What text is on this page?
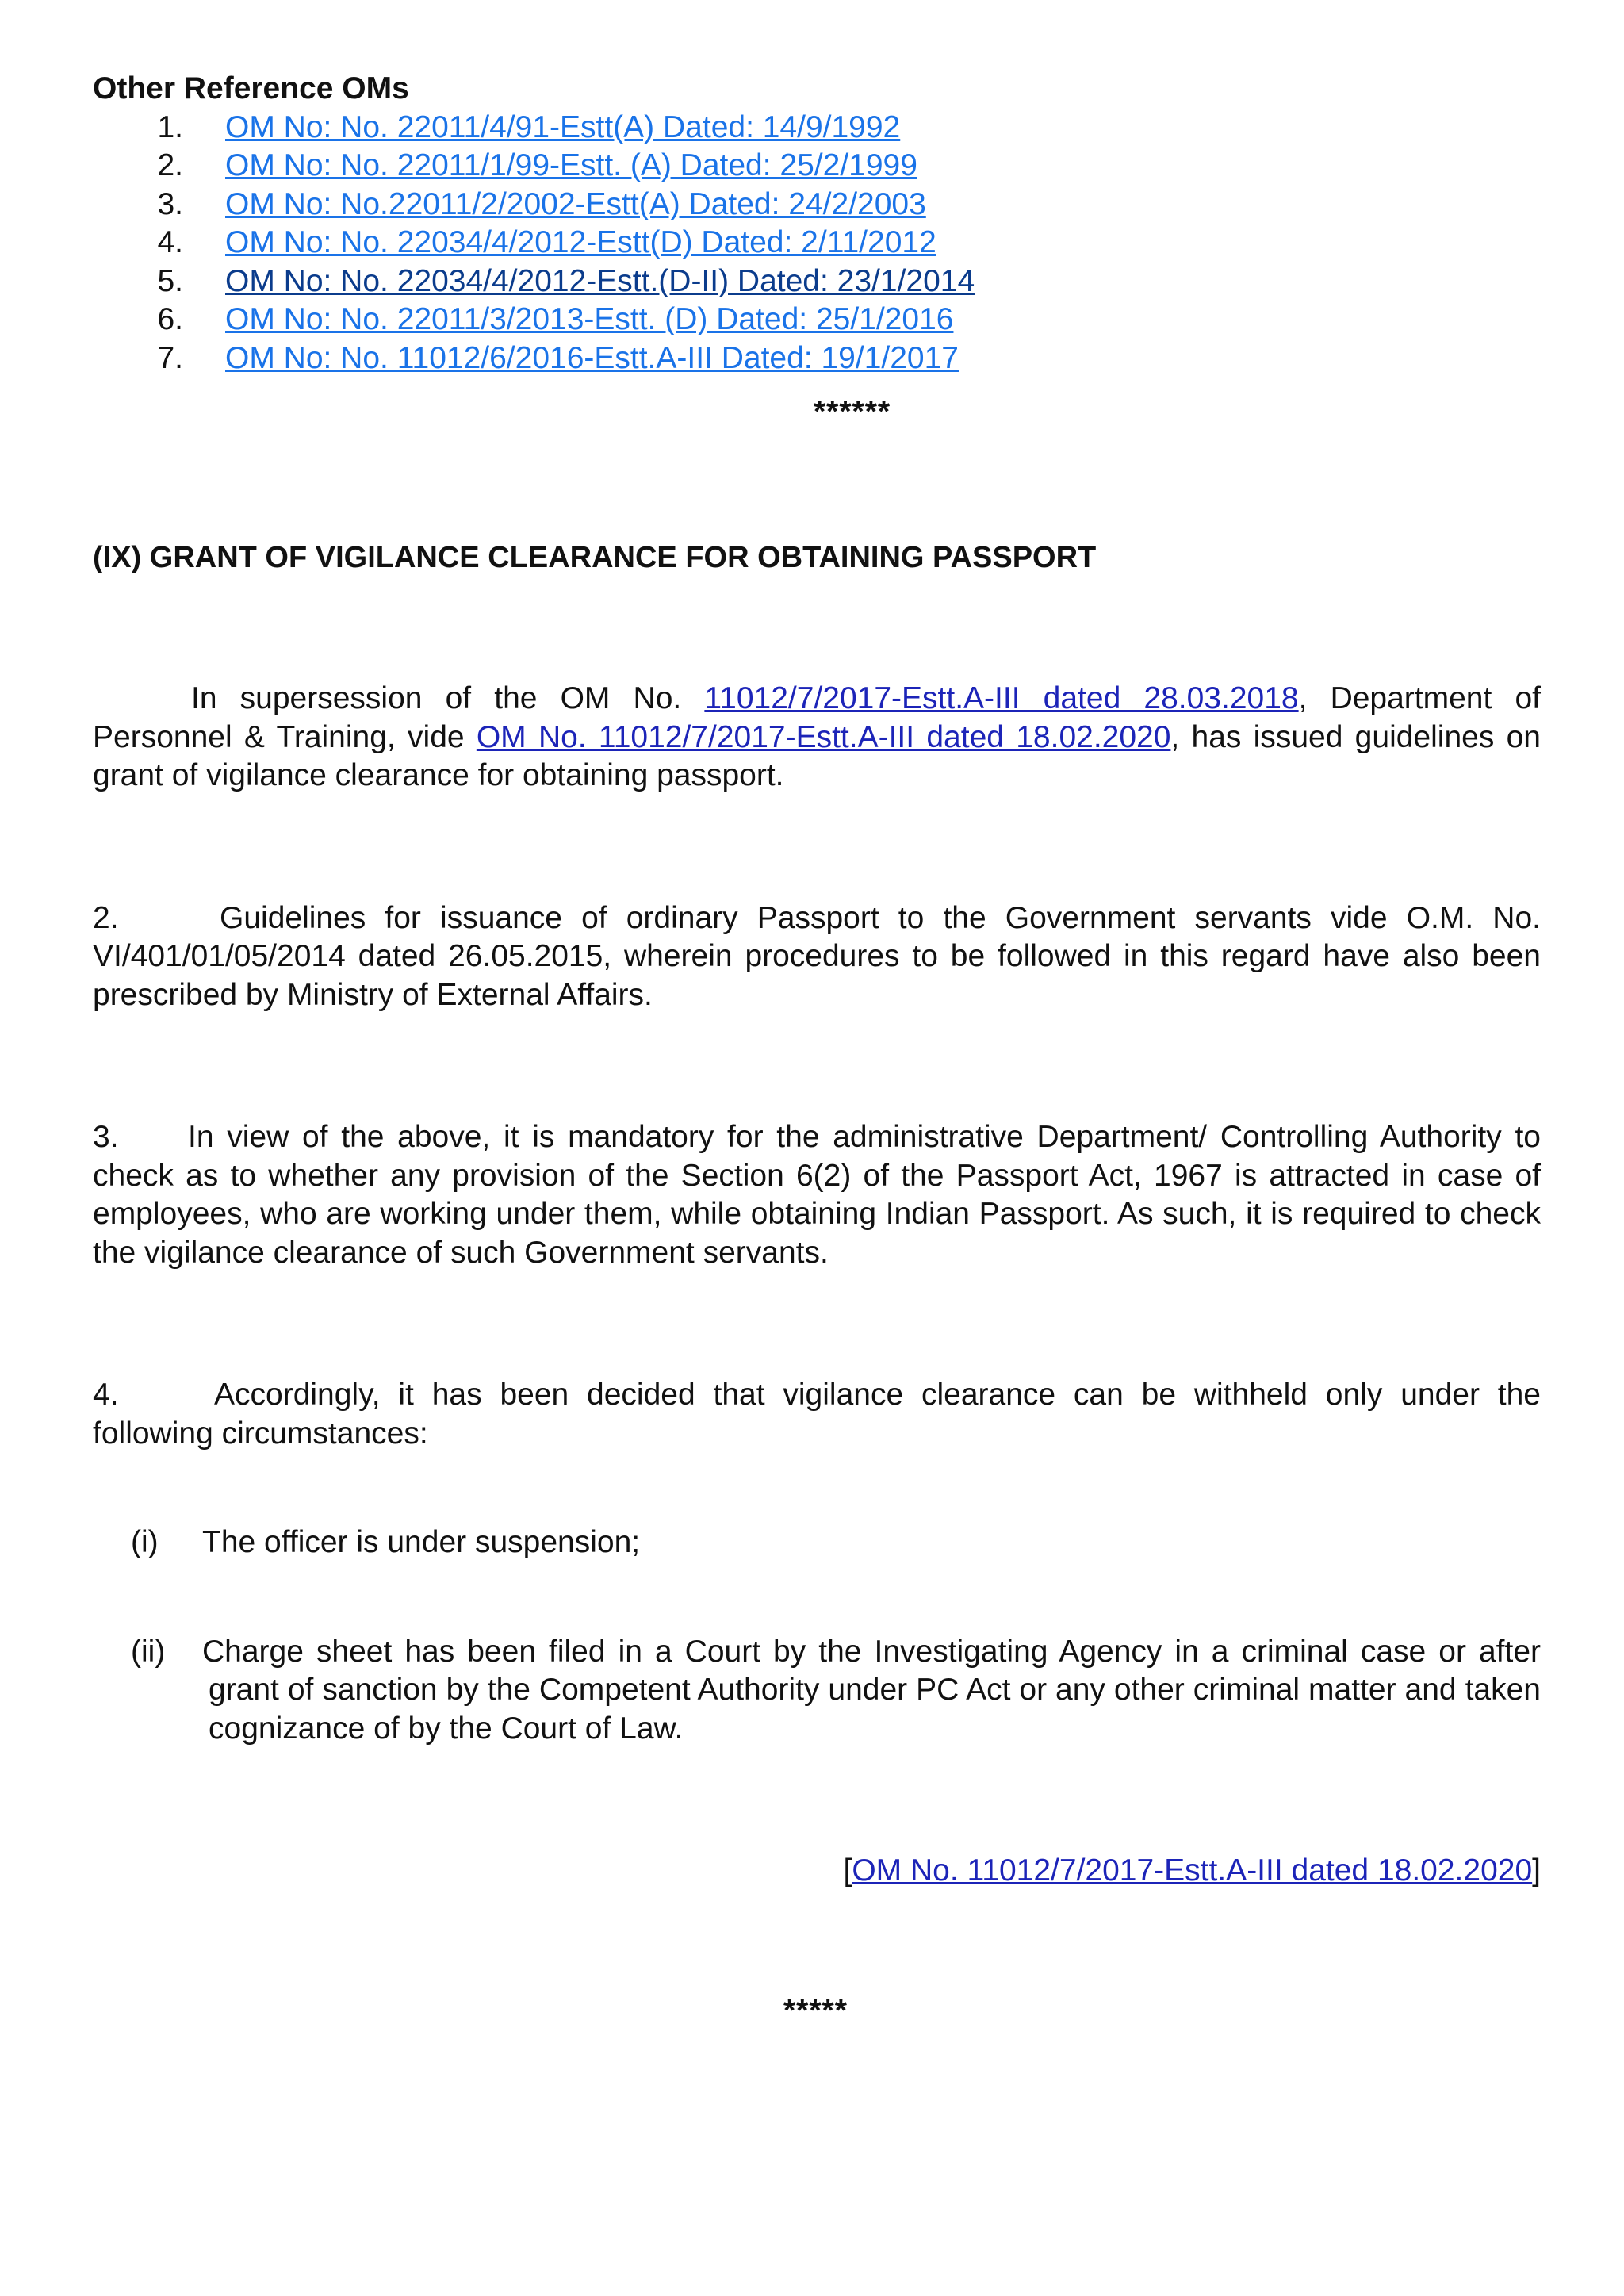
Other Reference OMs

1. OM No: No. 22011/4/91-Estt(A) Dated: 14/9/1992
2. OM No: No. 22011/1/99-Estt. (A) Dated: 25/2/1999
3. OM No: No.22011/2/2002-Estt(A) Dated: 24/2/2003
4. OM No: No. 22034/4/2012-Estt(D) Dated: 2/11/2012
5. OM No: No. 22034/4/2012-Estt.(D-II) Dated: 23/1/2014
6. OM No: No. 22011/3/2013-Estt. (D) Dated: 25/1/2016
7. OM No: No. 11012/6/2016-Estt.A-III Dated: 19/1/2017
******
(IX) GRANT OF VIGILANCE CLEARANCE FOR OBTAINING PASSPORT

In supersession of the OM No. 11012/7/2017-Estt.A-III dated 28.03.2018, Department of Personnel & Training, vide OM No. 11012/7/2017-Estt.A-III dated 18.02.2020, has issued guidelines on grant of vigilance clearance for obtaining passport.

2.	Guidelines for issuance of ordinary Passport to the Government servants vide O.M. No. VI/401/01/05/2014 dated 26.05.2015, wherein procedures to be followed in this regard have also been prescribed by Ministry of External Affairs.

3. In view of the above, it is mandatory for the administrative Department/ Controlling Authority to check as to whether any provision of the Section 6(2) of the Passport Act, 1967 is attracted in case of employees, who are working under them, while obtaining Indian Passport. As such, it is required to check the vigilance clearance of such Government servants.

4.	Accordingly, it has been decided that vigilance clearance can be withheld only under the following circumstances:

(i) The officer is under suspension;
(ii) Charge sheet has been filed in a Court by the Investigating Agency in a criminal case or after grant of sanction by the Competent Authority under PC Act or any other criminal matter and taken cognizance of by the Court of Law.
[OM No. 11012/7/2017-Estt.A-III dated 18.02.2020]
*****
